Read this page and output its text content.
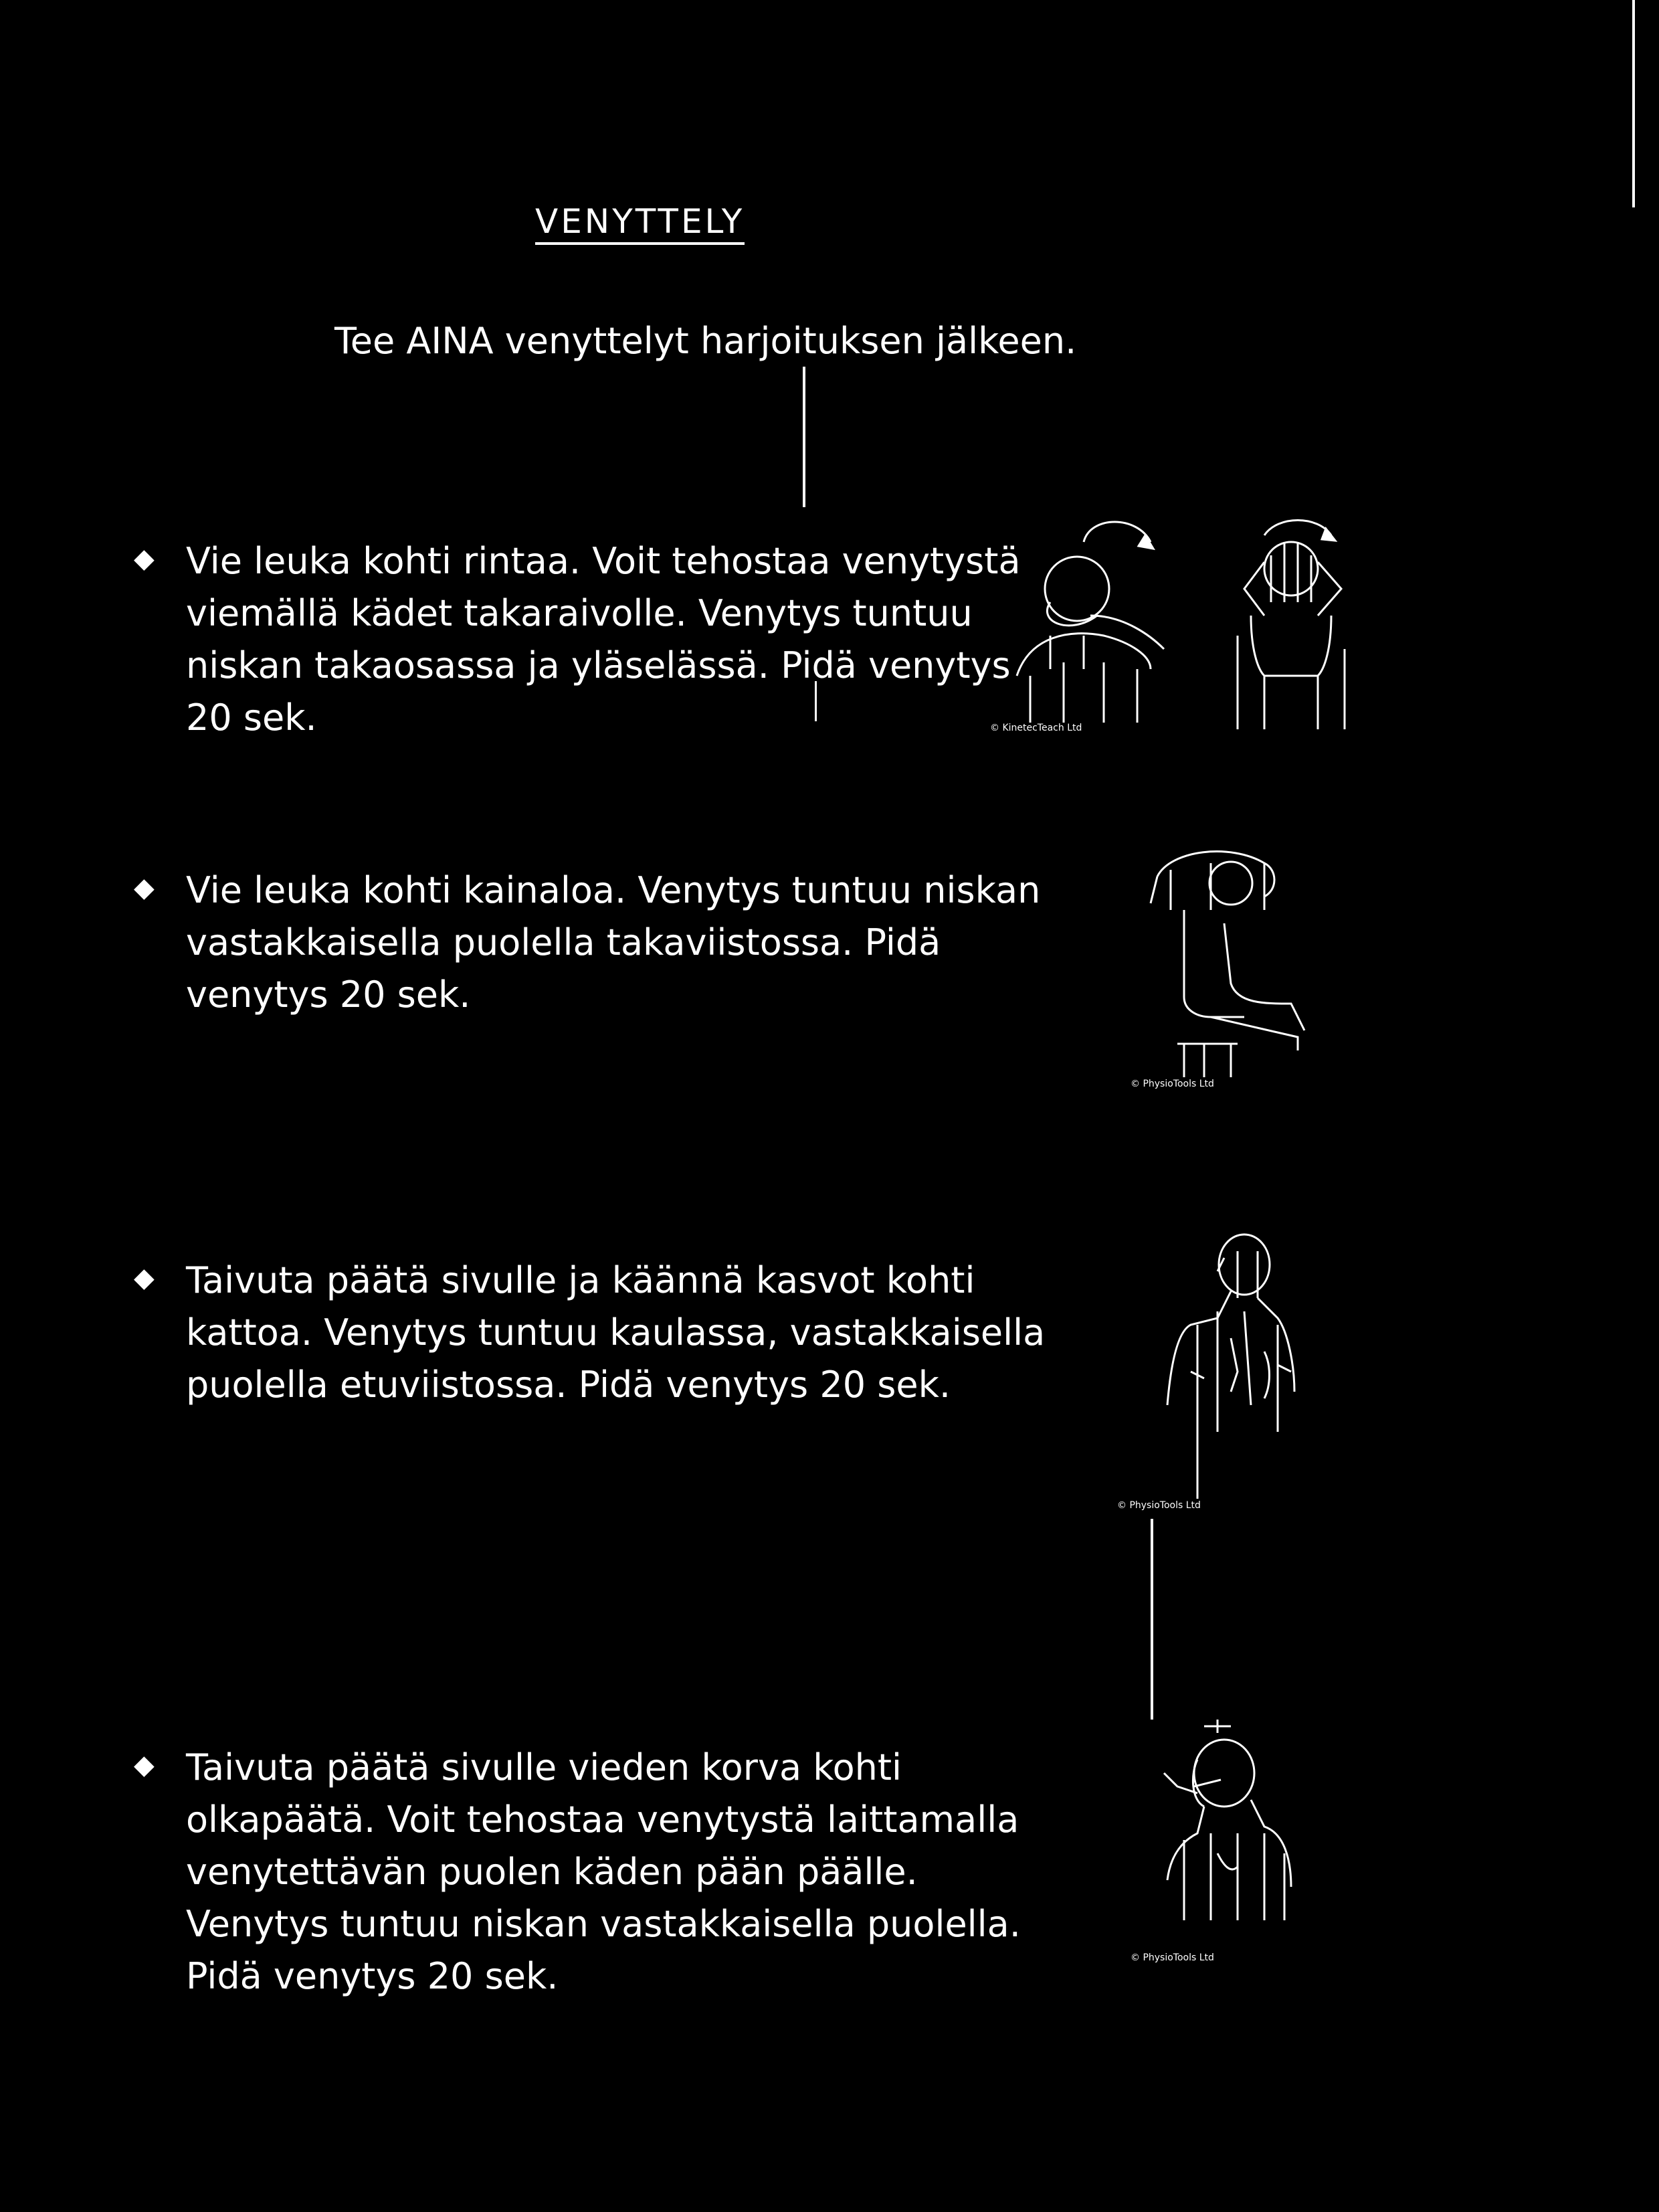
VENYTTELY
Tee AINA venyttelyt harjoituksen jälkeen.
◆ Vie leuka kohti rintaa. Voit tehostaa venytystä viemällä kädet takaraivolle. Venytys tuntuu niskan takaosassa ja yläselässä. Pidä venytys 20 sek.	© KinetecTeach Ltd
◆ Vie leuka kohti kainaloa. Venytys tuntuu niskan vastakkaisella puolella takaviistossa. Pidä venytys 20 sek.
© PhysioTools Ltd
◆ Taivuta päätä sivulle ja käännä kasvot kohti kattoa. Venytys tuntuu kaulassa, vastakkaisella puolella etuviistossa. Pidä venytys 20 sek.
© PhysioTools Ltd
◆ Taivuta päätä sivulle vieden korva kohti olkapäätä. Voit tehostaa venytystä laittamalla venytettävän puolen käden pään päälle. Venytys tuntuu niskan vastakkaisella puolella. Pidä venytys 20 sek.	© PhysioTools Ltd
